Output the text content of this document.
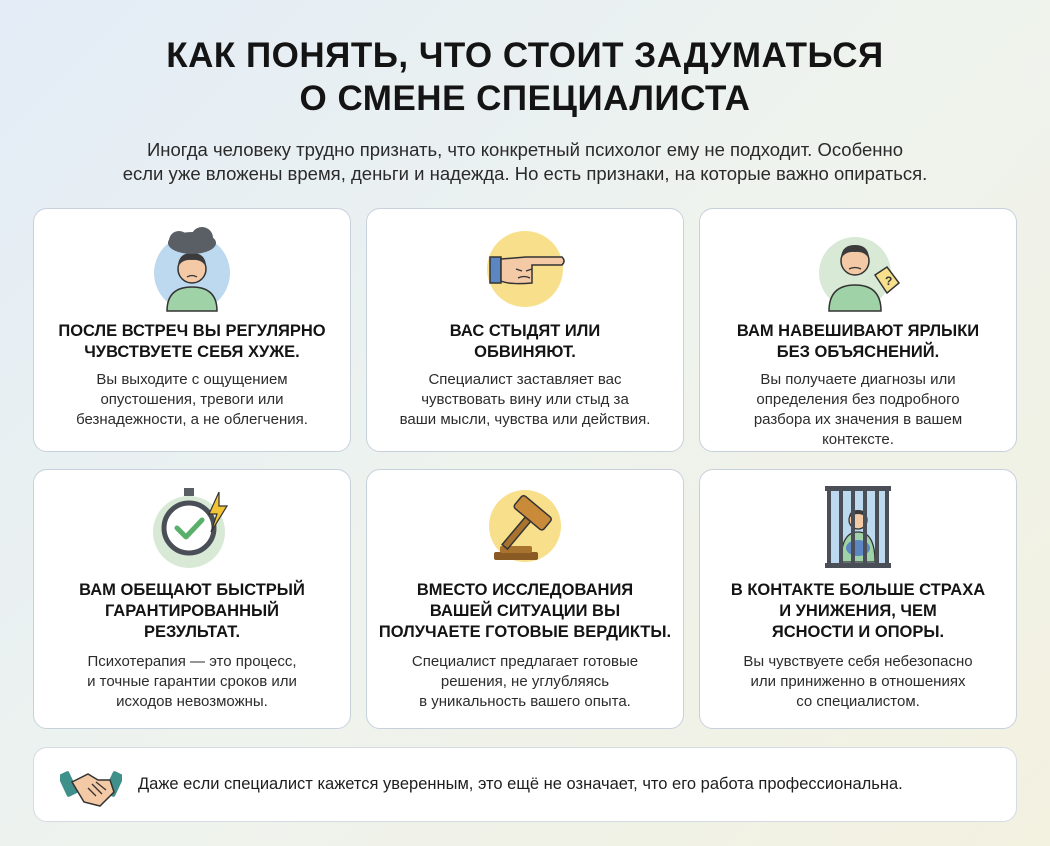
КАК ПОНЯТЬ, ЧТО СТОИТ ЗАДУМАТЬСЯ
О СМЕНЕ СПЕЦИАЛИСТА
Иногда человеку трудно признать, что конкретный психолог ему не подходит. Особенно
если уже вложены время, деньги и надежда. Но есть признаки, на которые важно опираться.
ПОСЛЕ ВСТРЕЧ ВЫ РЕГУЛЯРНО
ЧУВСТВУЕТЕ СЕБЯ ХУЖЕ.
Вы выходите с ощущением
опустошения, тревоги или
безнадежности, а не облегчения.
ВАС СТЫДЯТ ИЛИ
ОБВИНЯЮТ.
Специалист заставляет вас
чувствовать вину или стыд за
ваши мысли, чувства или действия.
?
ВАМ НАВЕШИВАЮТ ЯРЛЫКИ
БЕЗ ОБЪЯСНЕНИЙ.
Вы получаете диагнозы или
определения без подробного
разбора их значения в вашем
контексте.
ВАМ ОБЕЩАЮТ БЫСТРЫЙ
ГАРАНТИРОВАННЫЙ
РЕЗУЛЬТАТ.
Психотерапия — это процесс,
и точные гарантии сроков или
исходов невозможны.
ВМЕСТО ИССЛЕДОВАНИЯ
ВАШЕЙ СИТУАЦИИ ВЫ
ПОЛУЧАЕТЕ ГОТОВЫЕ ВЕРДИКТЫ.
Специалист предлагает готовые
решения, не углубляясь
в уникальность вашего опыта.
В КОНТАКТЕ БОЛЬШЕ СТРАХА
И УНИЖЕНИЯ, ЧЕМ
ЯСНОСТИ И ОПОРЫ.
Вы чувствуете себя небезопасно
или приниженно в отношениях
со специалистом.
Даже если специалист кажется уверенным, это ещё не означает, что его работа профессиональна.
